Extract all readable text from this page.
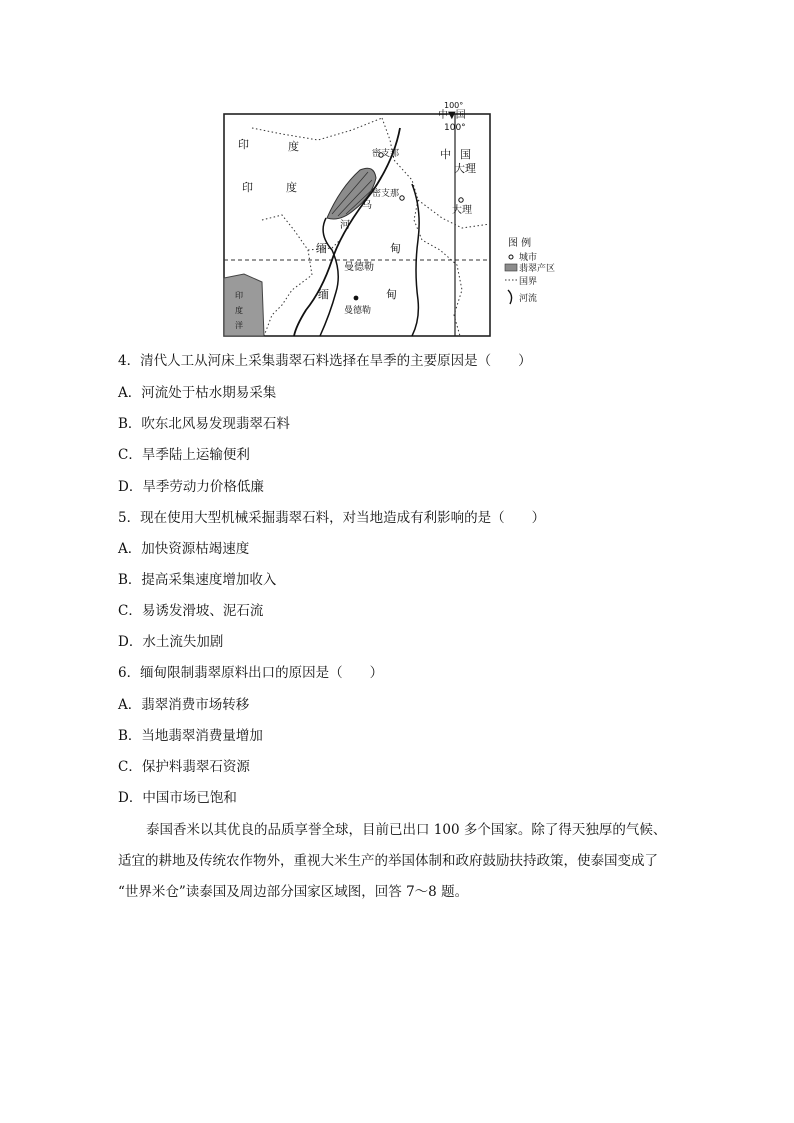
印	度
印	度
缅	甸
缅	甸
中▼国
100°
100°
中 国
大理
大理
密支那
密支那
乌
河
曼德勒
曼德勒
印
度
洋
图 例
城市
翡翠产区
国界
河流
4．清代人工从河床上采集翡翠石料选择在旱季的主要原因是（　　）
A．河流处于枯水期易采集
B．吹东北风易发现翡翠石料
C．旱季陆上运输便利
D．旱季劳动力价格低廉
5．现在使用大型机械采掘翡翠石料，对当地造成有利影响的是（　　）
A．加快资源枯竭速度
B．提高采集速度增加收入
C．易诱发滑坡、泥石流
D．水土流失加剧
6．缅甸限制翡翠原料出口的原因是（　　）
A．翡翠消费市场转移
B．当地翡翠消费量增加
C．保护料翡翠石资源
D．中国市场已饱和

泰国香米以其优良的品质享誉全球，目前已出口 100 多个国家。除了得天独厚的气候、

适宜的耕地及传统农作物外，重视大米生产的举国体制和政府鼓励扶持政策，使泰国变成了

“世界米仓”读泰国及周边部分国家区域图，回答 7～8 题。
